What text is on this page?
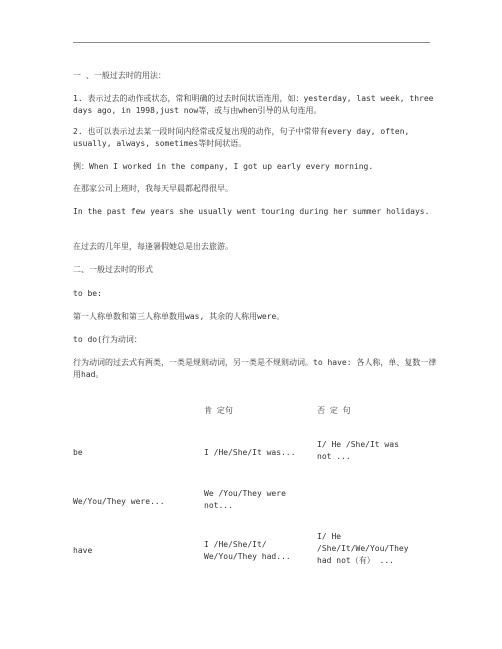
一 、一般过去时的用法：

1. 表示过去的动作或状态，常和明确的过去时间状语连用，如：yesterday, last week, three days ago, in 1998,just now等，或与由when引导的从句连用。

2. 也可以表示过去某一段时间内经常或反复出现的动作，句子中常带有every day, often, usually, always, sometimes等时间状语。

例：When I worked in the company, I got up early every morning.

在那家公司上班时，我每天早晨都起得很早。

In the past few years she usually went touring during her summer holidays.

在过去的几年里，每逢暑假她总是出去旅游。

二、一般过去时的形式

to be:

第一人称单数和第三人称单数用was, 其余的人称用were。

to do(行为动词：

行为动词的过去式有两类，一类是规则动词，另一类是不规则动词。to have: 各人称，单、复数一律用had。

肯 定句	否 定 句

be	I /He/She/It was...

I/ He /She/It was not ...

We/You/They were...

We /You/They were not...

have

I /He/She/It/ We/You/They had...

I/ He /She/It/We/You/They had not（有） ...
